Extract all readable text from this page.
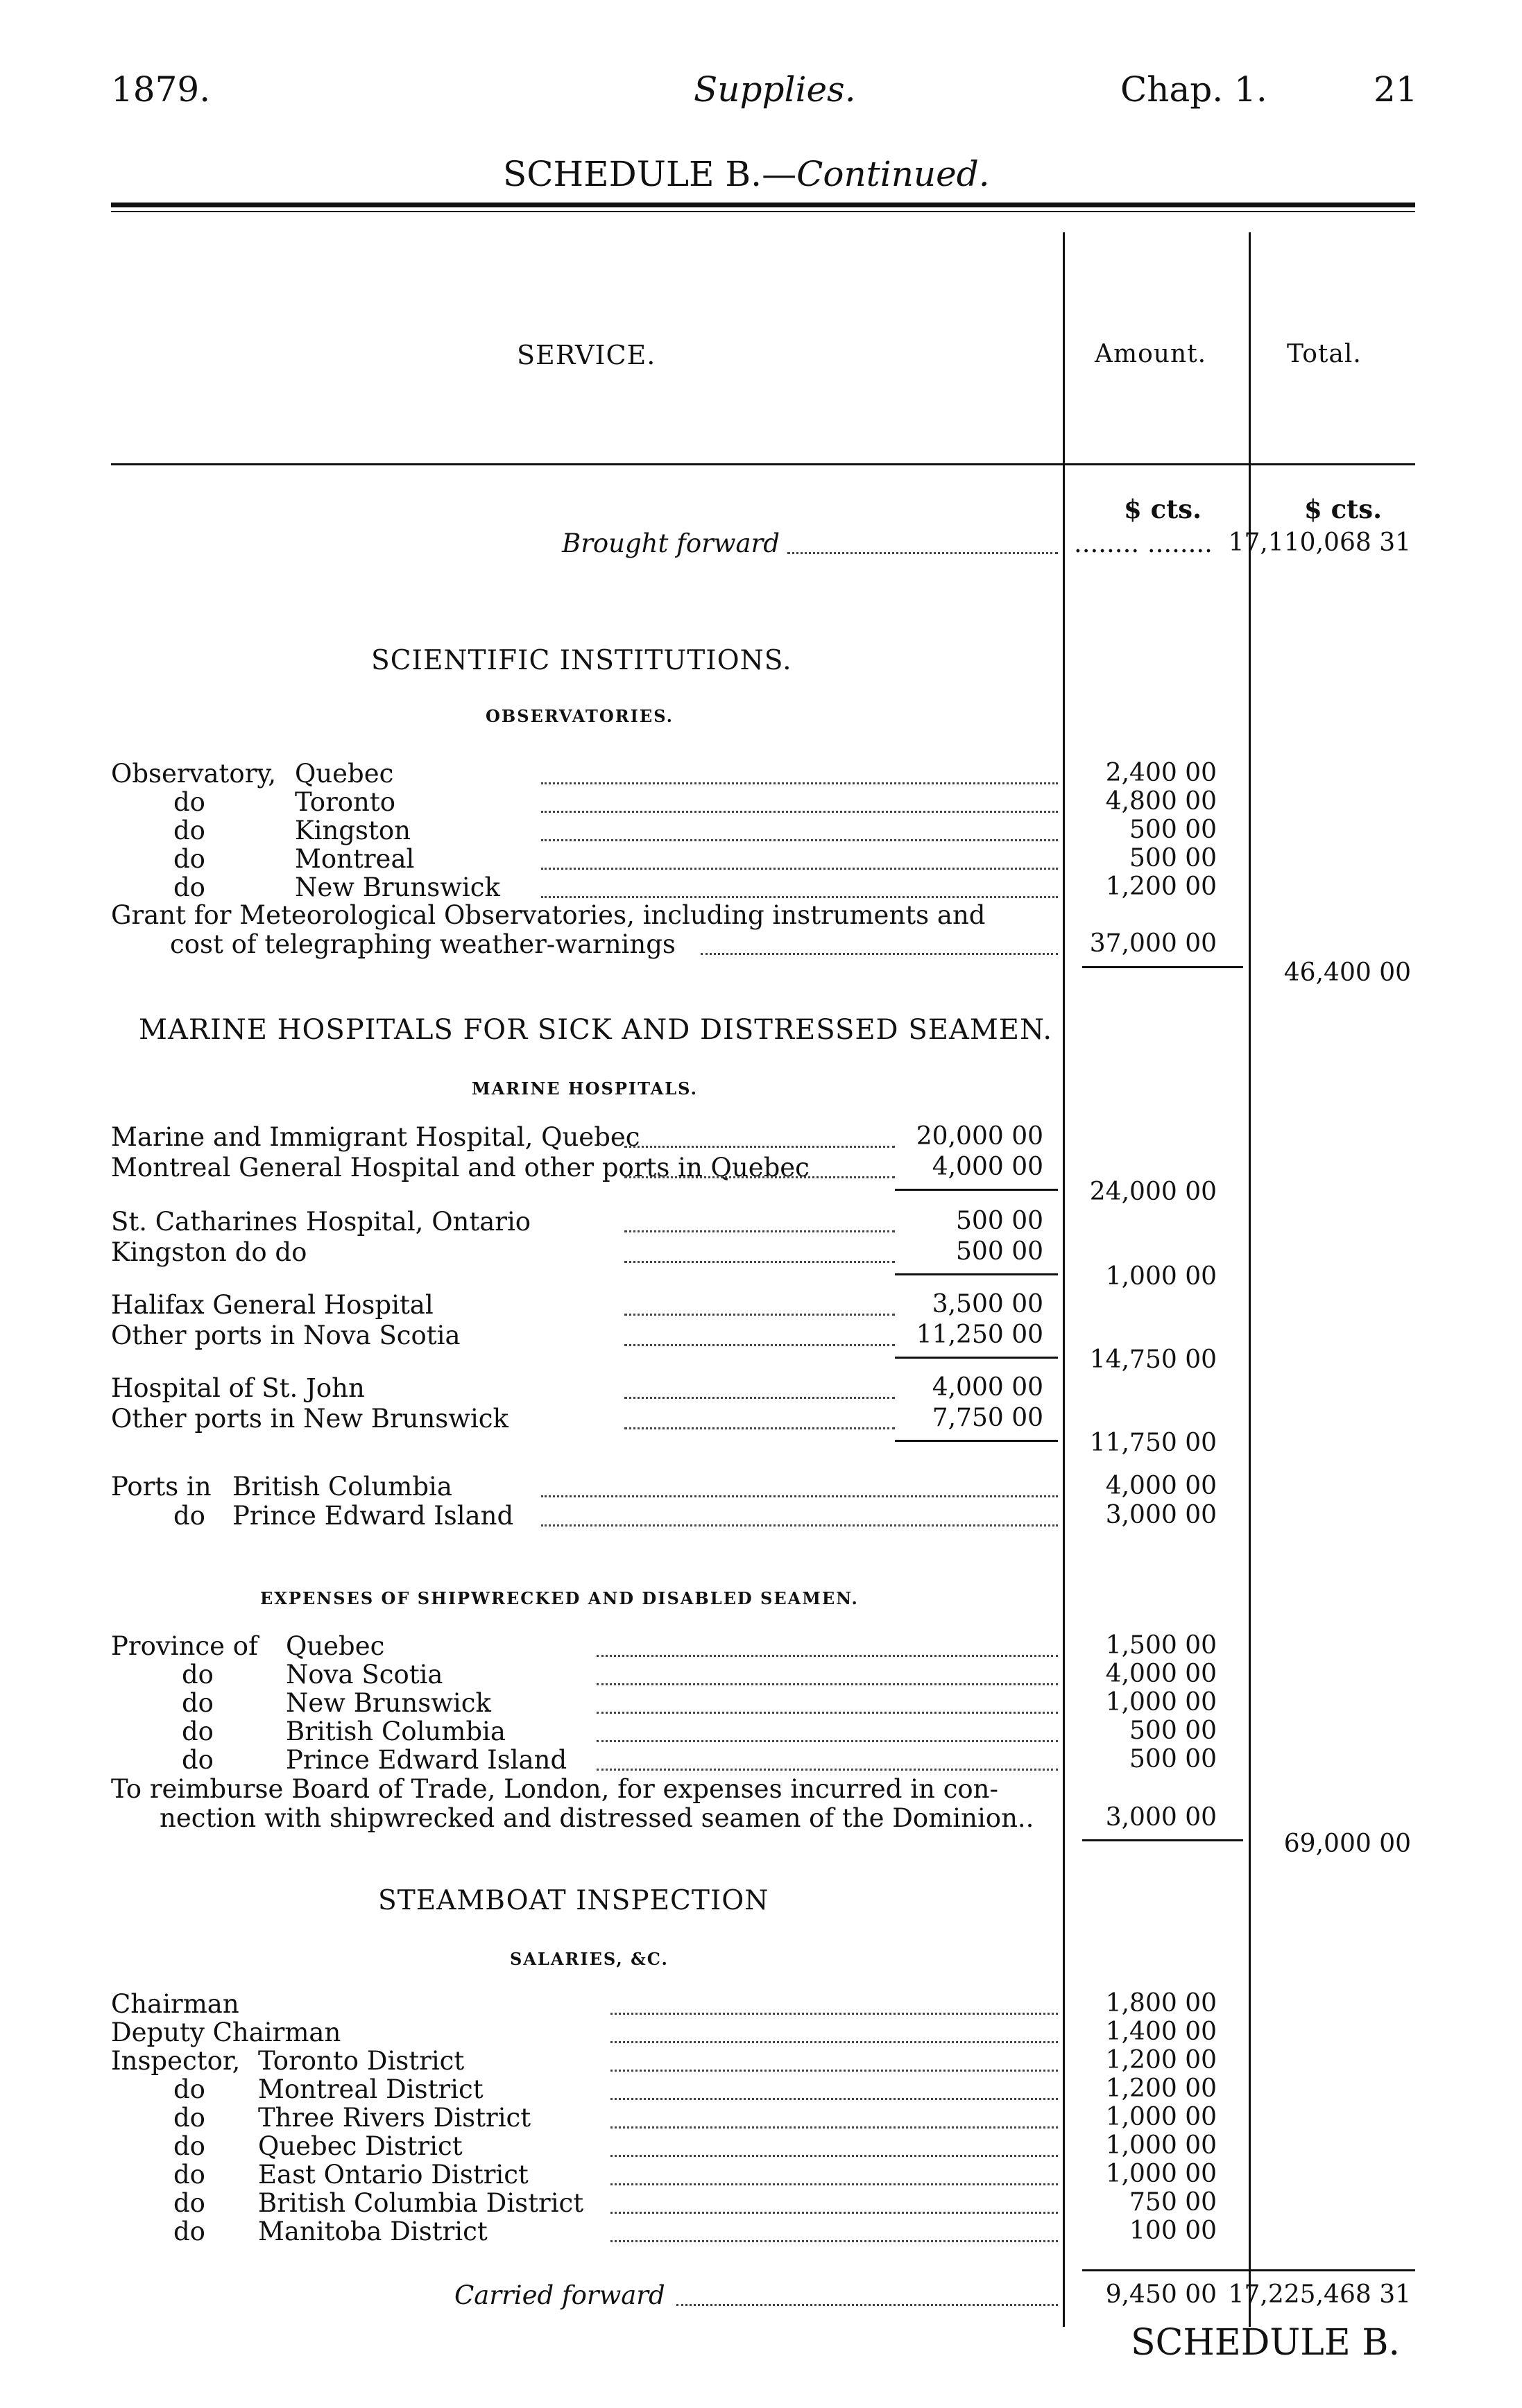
1879.	Supplies.	Chap. 1.	21
SCHEDULE B.—Continued.
SERVICE.	Amount.	Total.
$ cts.	$ cts.
Brought forward	........ ........ 17,110,068 31
SCIENTIFIC INSTITUTIONS.
OBSERVATORIES.
Observatory, Quebec	2,400 00
do	Toronto	4,800 00
do	Kingston	500 00
do	Montreal	500 00
do	New Brunswick	1,200 00
Grant for Meteorological Observatories, including instruments and
cost of telegraphing weather-warnings	37,000 00
46,400 00
MARINE HOSPITALS FOR SICK AND DISTRESSED SEAMEN.
MARINE HOSPITALS.
Marine and Immigrant Hospital, Quebec	20,000 00
Montreal General Hospital and other ports in Quebec	4,000 00
24,000 00
St. Catharines Hospital, Ontario	500 00
Kingston do do	500 00
1,000 00
Halifax General Hospital	3,500 00
Other ports in Nova Scotia	11,250 00
14,750 00
Hospital of St. John	4,000 00
Other ports in New Brunswick	7,750 00
11,750 00
Ports in British Columbia	4,000 00
do Prince Edward Island	3,000 00
EXPENSES OF SHIPWRECKED AND DISABLED SEAMEN.
Province of Quebec	1,500 00
do	Nova Scotia	4,000 00
do	New Brunswick	1,000 00
do	British Columbia	500 00
do	Prince Edward Island	500 00
To reimburse Board of Trade, London, for expenses incurred in con-
nection with shipwrecked and distressed seamen of the Dominion..	3,000 00
69,000 00
STEAMBOAT INSPECTION
SALARIES, &C.
Chairman	1,800 00
Deputy Chairman	1,400 00
Inspector, Toronto District	1,200 00
do Montreal District	1,200 00
do Three Rivers District	1,000 00
do Quebec District	1,000 00
do East Ontario District	1,000 00
do British Columbia District	750 00
do Manitoba District	100 00
Carried forward	9,450 00 17,225,468 31
SCHEDULE B.
